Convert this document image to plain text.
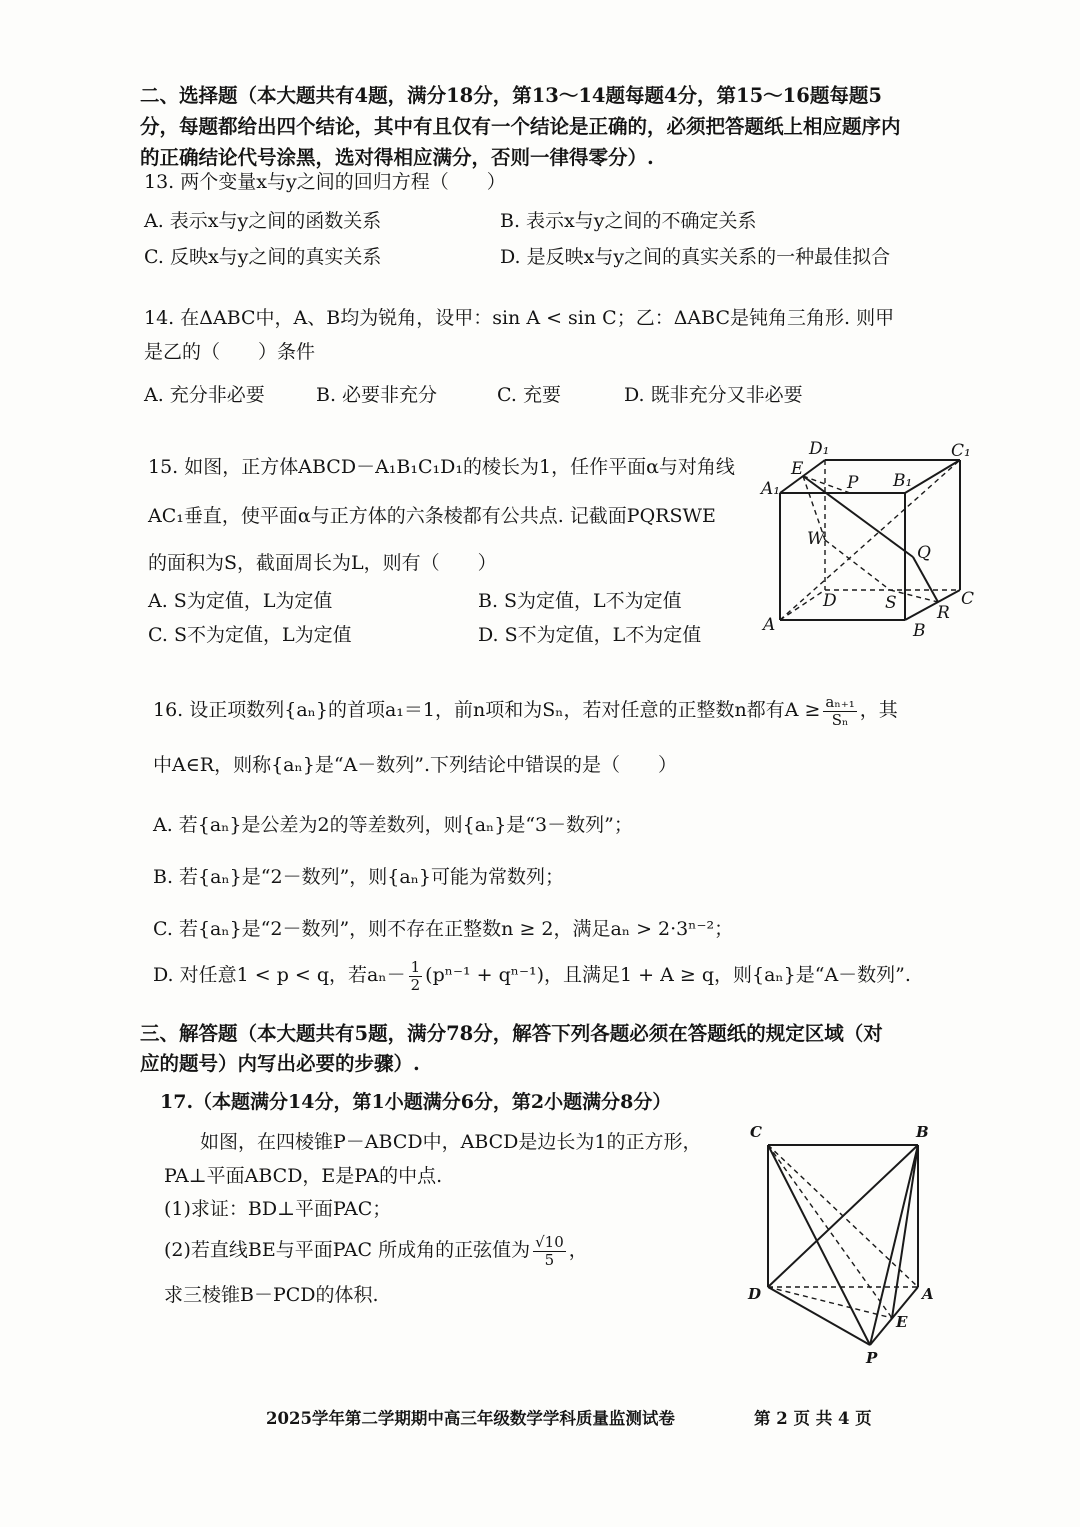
二、选择题（本大题共有4题，满分18分，第13～14题每题4分，第15～16题每题5
分，每题都给出四个结论，其中有且仅有一个结论是正确的，必须把答题纸上相应题序内
的正确结论代号涂黑，选对得相应满分，否则一律得零分）.
13. 两个变量x与y之间的回归方程（　　）
A. 表示x与y之间的函数关系	B. 表示x与y之间的不确定关系
C. 反映x与y之间的真实关系	D. 是反映x与y之间的真实关系的一种最佳拟合
14. 在ΔABC中，A、B均为锐角，设甲：sin A < sin C；乙：ΔABC是钝角三角形. 则甲
是乙的（　　）条件
A. 充分非必要	B. 必要非充分	C. 充要	D. 既非充分又非必要
15. 如图，正方体ABCD－A₁B₁C₁D₁的棱长为1，任作平面α与对角线
AC₁垂直，使平面α与正方体的六条棱都有公共点. 记截面PQRSWE
的面积为S，截面周长为L，则有（　　）
A. S为定值，L为定值	B. S为定值，L不为定值
C. S不为定值，L为定值	D. S不为定值，L不为定值
D₁	C₁
E
A₁	P B₁
W
Q
D	S	C
A
R
B
16. 设正项数列{aₙ}的首项a₁＝1，前n项和为Sₙ，若对任意的正整数n都有$A \ge \frac{\text{aₙ₊₁}}{\text{Sₙ}}$ ，其
中A∈R，则称{aₙ}是“A－数列”.下列结论中错误的是（　　）
A. 若{aₙ}是公差为2的等差数列，则{aₙ}是“3－数列”；
B. 若{aₙ}是“2－数列”，则{aₙ}可能为常数列；
C. 若{aₙ}是“2－数列”，则不存在正整数n ≥ 2，满足aₙ > 2·3ⁿ⁻²；
D. 对任意1 < p < q，若$a_n- \frac{1}{2} (p^{n-1} + q^{n-1})$，且满足1 + A ≥ q，则{aₙ}是“A－数列”.
三、解答题（本大题共有5题，满分78分，解答下列各题必须在答题纸的规定区域（对
应的题号）内写出必要的步骤）.
17.（本题满分14分，第1小题满分6分，第2小题满分8分）
如图，在四棱锥P－ABCD中，ABCD是边长为1的正方形，
PA⊥平面ABCD，E是PA的中点.
(1)求证：BD⊥平面PAC；
(2)若直线BE与平面PAC 所成角的正弦值为 $\frac{√10}{5}$ ，
求三棱锥B－PCD的体积.
C	B
D	A
E
P
2025学年第二学期期中高三年级数学学科质量监测试卷	第 2 页 共 4 页
